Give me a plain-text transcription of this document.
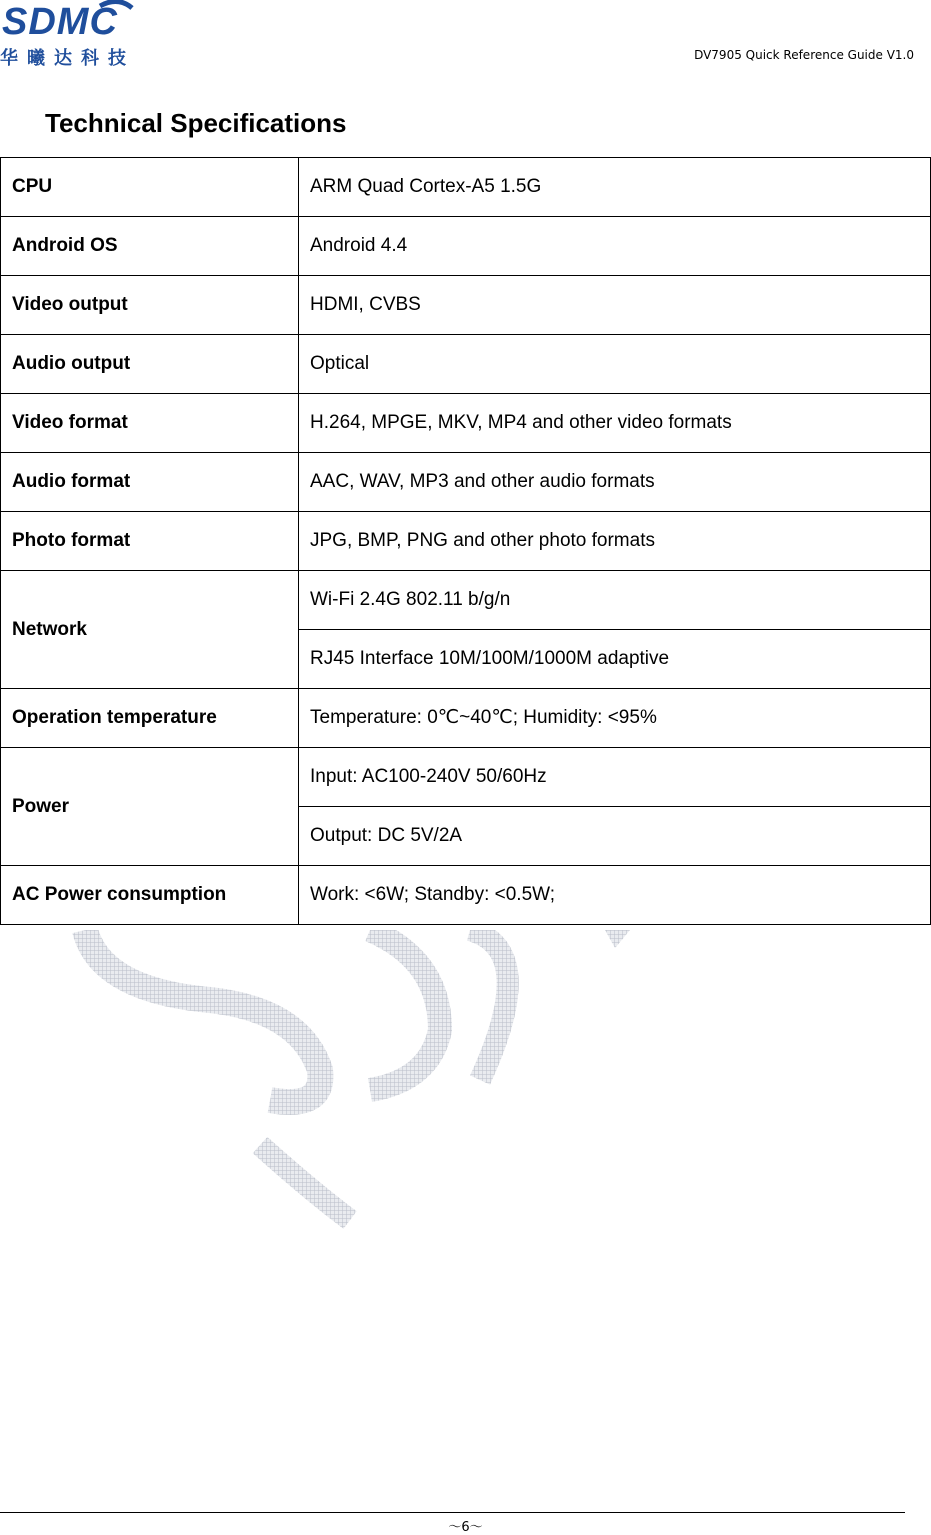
SDMC
华曦达科技	DV7905 Quick Reference Guide V1.0
Technical Specifications
CPU	ARM Quad Cortex-A5 1.5G
Android OS	Android 4.4
Video output	HDMI, CVBS
Audio output	Optical
Video format	H.264, MPGE, MKV, MP4 and other video formats
Audio format	AAC, WAV, MP3 and other audio formats
Photo format	JPG, BMP, PNG and other photo formats
Network	Wi-Fi 2.4G 802.11 b/g/n
	RJ45 Interface 10M/100M/1000M adaptive
Operation temperature	Temperature: 0℃~40℃; Humidity: <95%
Power	Input: AC100-240V 50/60Hz
	Output: DC 5V/2A
AC Power consumption	Work: <6W; Standby: <0.5W;
～6～
